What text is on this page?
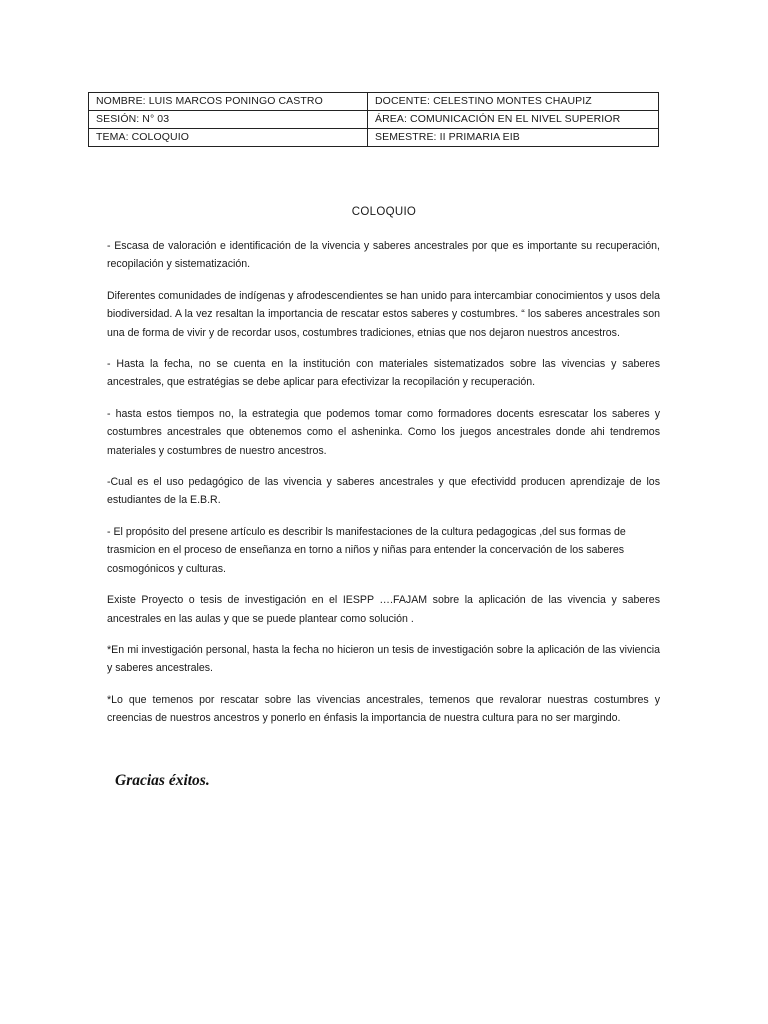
NOMBRE: LUIS MARCOS PONINGO CASTRO	DOCENTE: CELESTINO MONTES CHAUPIZ
SESIÓN: N° 03	ÁREA: COMUNICACIÓN EN EL NIVEL SUPERIOR
TEMA: COLOQUIO	SEMESTRE: II PRIMARIA EIB
COLOQUIO

- Escasa de valoración e identificación de la vivencia y saberes ancestrales por que es importante su recuperación, recopilación y sistematización.

Diferentes comunidades de indígenas y afrodescendientes se han unido para intercambiar conocimientos y usos dela biodiversidad. A la vez resaltan la importancia de rescatar estos saberes y costumbres. “ los saberes ancestrales son una de forma de vivir y de recordar usos, costumbres tradiciones, etnias que nos dejaron nuestros ancestros.

- Hasta la fecha, no se cuenta en la institución con materiales sistematizados sobre las vivencias y saberes ancestrales, que estratégias se debe aplicar para efectivizar la recopilación y recuperación.

- hasta estos tiempos no, la estrategia que podemos tomar como formadores docents esrescatar los saberes y costumbres ancestrales que obtenemos como el asheninka. Como los juegos ancestrales donde ahi tendremos materiales y costumbres de nuestro ancestros.

-Cual es el uso pedagógico de las vivencia y saberes ancestrales y que efectividd producen aprendizaje de los estudiantes de la E.B.R.

- El propósito del presene artículo es describir ls manifestaciones de la cultura pedagogicas ,del sus formas de trasmicion en el proceso de enseñanza en torno a niños y niñas para entender la concervación de los saberes cosmogónicos y culturas.

Existe Proyecto o tesis de investigación en el IESPP ….FAJAM sobre la aplicación de las vivencia y saberes ancestrales en las aulas y que se puede plantear como solución .

*En mi investigación personal, hasta la fecha no hicieron un tesis de investigación sobre la aplicación de las viviencia y saberes ancestrales.

*Lo que temenos por rescatar sobre las vivencias ancestrales, temenos que revalorar nuestras costumbres y creencias de nuestros ancestros y ponerlo en énfasis la importancia de nuestra cultura para no ser margindo.

Gracias éxitos.
